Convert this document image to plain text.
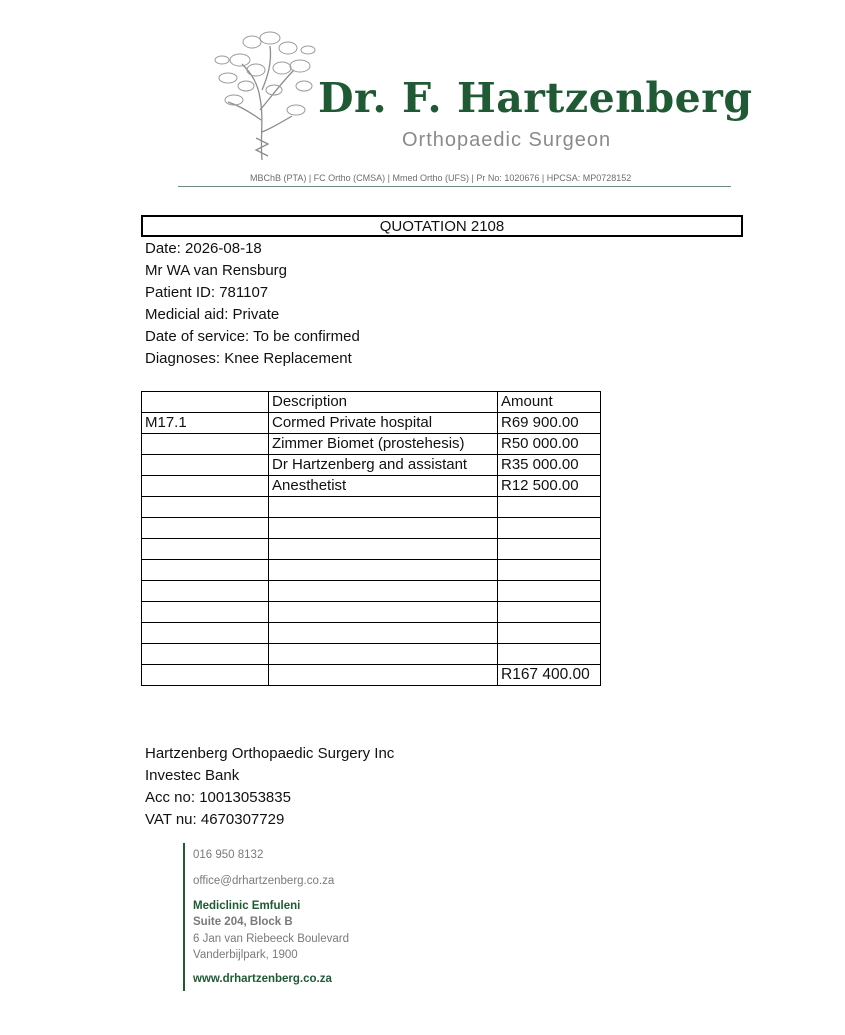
Dr. F. Hartzenberg
Orthopaedic Surgeon
MBChB (PTA) | FC Ortho (CMSA) | Mmed Ortho (UFS) | Pr No: 1020676 | HPCSA: MP0728152
QUOTATION 2108
Date: 2026-08-18
Mr WA van Rensburg
Patient ID: 781107
Medicial aid: Private
Date of service: To be confirmed
Diagnoses: Knee Replacement
	Description	Amount
M17.1	Cormed Private hospital	R69 900.00
	Zimmer Biomet (prostehesis)	R50 000.00
	Dr Hartzenberg and assistant	R35 000.00
	Anesthetist	R12 500.00

		R167 400.00
Hartzenberg Orthopaedic Surgery Inc
Investec Bank
Acc no: 10013053835
VAT nu: 4670307729
016 950 8132
office@drhartzenberg.co.za
Mediclinic Emfuleni
Suite 204, Block B
6 Jan van Riebeeck Boulevard
Vanderbijlpark, 1900
www.drhartzenberg.co.za
